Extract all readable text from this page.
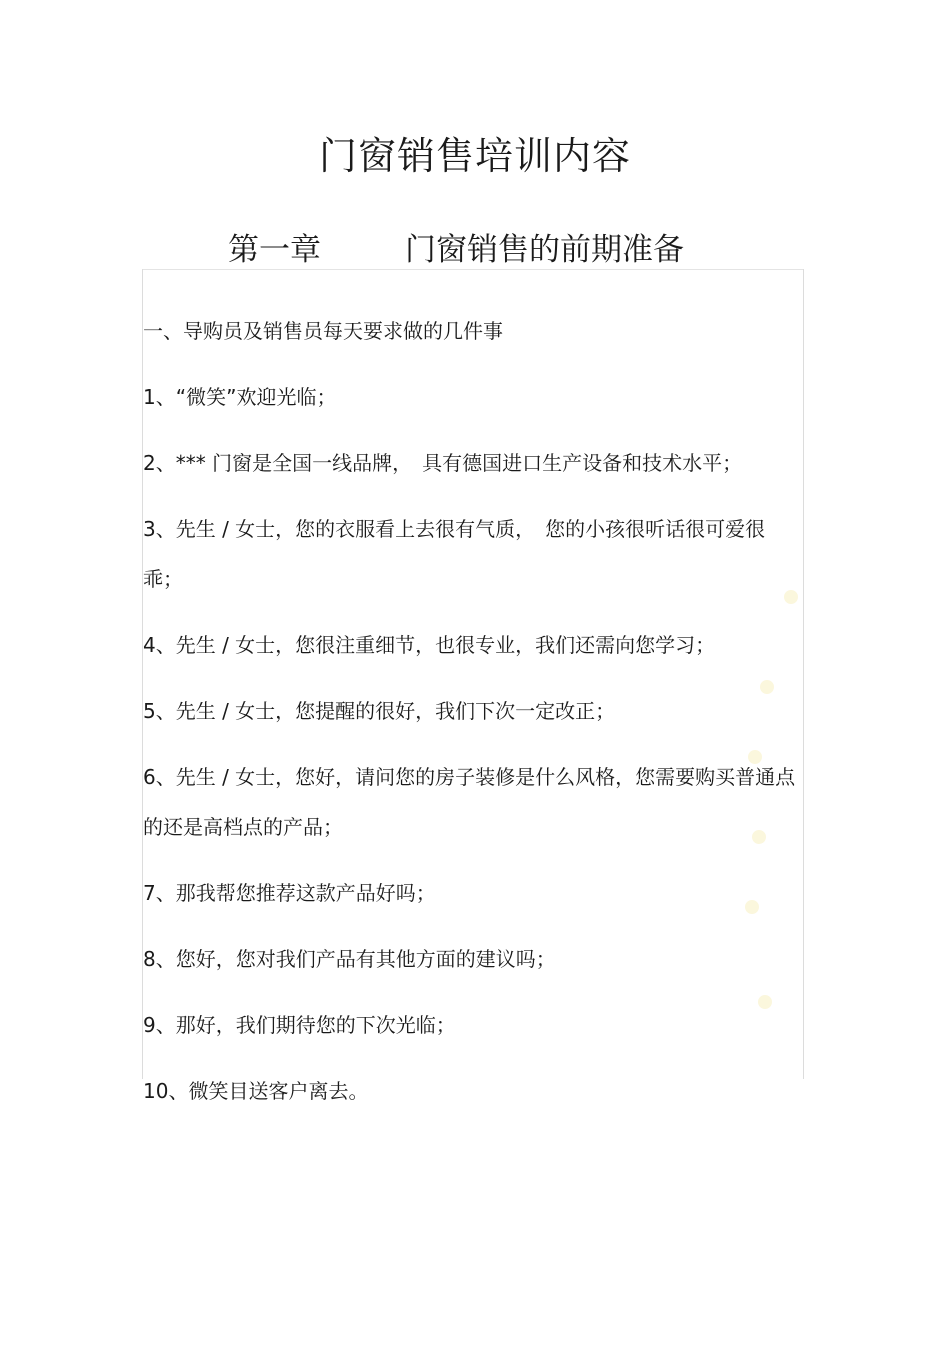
门窗销售培训内容
第一章	门窗销售的前期准备
一、导购员及销售员每天要求做的几件事

1、“微笑”欢迎光临；

2、*** 门窗是全国一线品牌，　具有德国进口生产设备和技术水平；

3、先生 / 女士，您的衣服看上去很有气质，　您的小孩很听话很可爱很乖；

4、先生 / 女士，您很注重细节，也很专业，我们还需向您学习；

5、先生 / 女士，您提醒的很好，我们下次一定改正；

6、先生 / 女士，您好，请问您的房子装修是什么风格，您需要购买普通点的还是高档点的产品；

7、那我帮您推荐这款产品好吗；

8、您好，您对我们产品有其他方面的建议吗；

9、那好，我们期待您的下次光临；

10、微笑目送客户离去。
